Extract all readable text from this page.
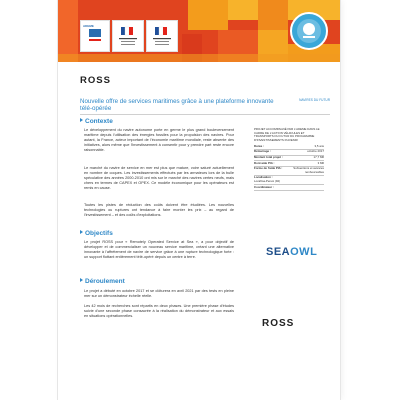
ADEME
ROSS
Nouvelle offre de services maritimes grâce à une plateforme innovante télé-opérée
NAVIRES DU FUTUR
Contexte
Le développement du navire autonome porte en germe le plus grand bouleversement maritime depuis l'utilisation des énergies fossiles pour la propulsion des navires. Pour autant, la France, acteur important de l'économie maritime mondiale, reste absente des initiatives, alors même que l'investissement à consentir pour y prendre part reste encore raisonnable.
Le marché du navire de service en mer est plus que mature, voire saturé actuellement en nombre de coques. Les investissements effectués par les armateurs lors de la bulle spéculative des années 2000-2010 ont mis sur le marché des navires certes neufs, mais chers en termes de CAPEX et OPEX. Ce modèle économique pour les opérateurs est remis en cause.
Toutes les pistes de réduction des coûts doivent être étudiées. Les nouvelles technologies ou ruptures ont tendance à faire monter les prix – au regard de l'investissement – et des coûts d'exploitations.
Objectifs
Le projet ROSS pour « Remotely Operated Service at Sea », a pour objectif de développer et de commercialiser un nouveau service maritime, créant une alternative innovante à l'affrètement de navire de service grâce à une rupture technologique forte : un support flottant entièrement télé-opéré depuis un centre à terre.
Déroulement
Le projet a débuté en octobre 2017 et se clôturera en avril 2021 par des tests en pleine mer sur un démonstrateur échelle réelle.
Les 42 mois de recherches sont répartis en deux phases. Une première phase d'études suivie d'une seconde phase consacrée à la réalisation du démonstrateur et aux essais en situations opérationnelles.
PROJET ACCOMPAGNÉ PAR L'ADEME DANS LE CADRE DE L'ACTION VÉHICULES ET TRANSPORTS DU FUTUR DU PROGRAMME D'INVESTISSEMENTS D'AVENIR
Durée :	3,5 ans
Démarrage :	octobre 2017
Montant total projet :	17,7 M€
Dont aide PIA :	3 M€
Forme de l'aide PIA :	Subventions et avances remboursables
Localisation :
Locafloa-Penvé (92)
Coordinateur :
SEAOWL
ROSS
